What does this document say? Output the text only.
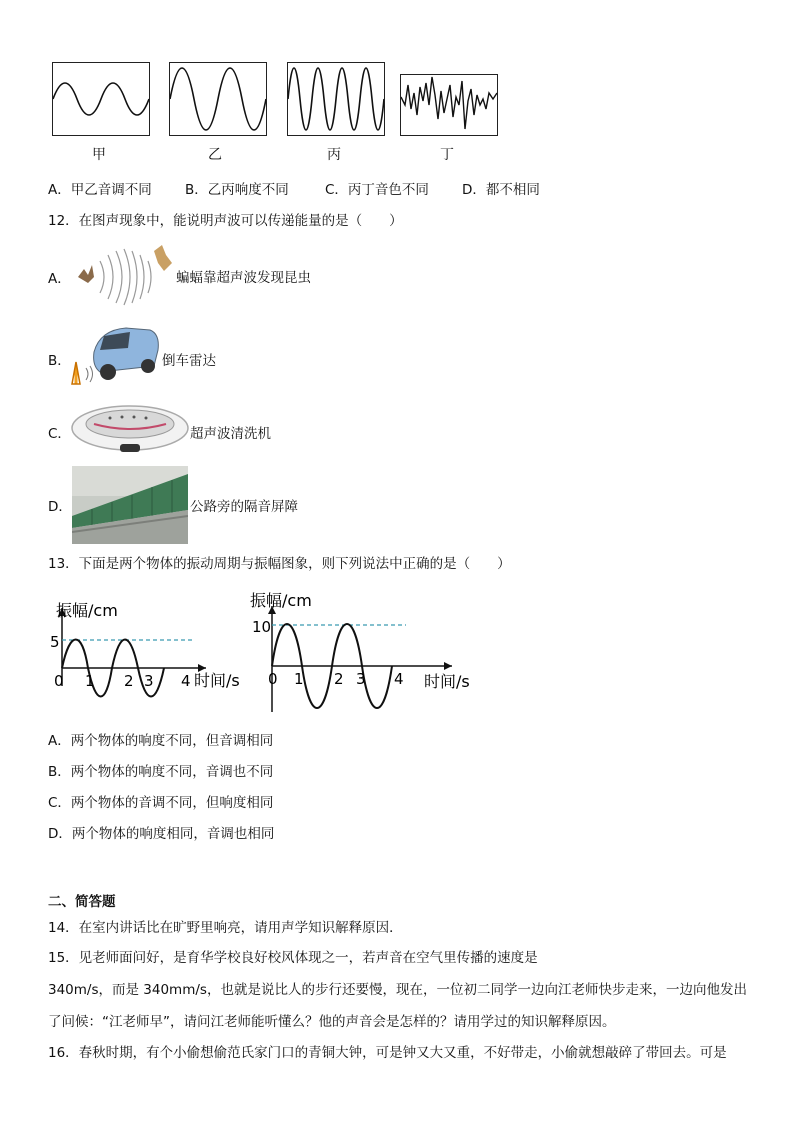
甲	乙	丙	丁
A．甲乙音调不同 B．乙丙响度不同	C．丙丁音色不同 D．都不相同
12．在图声现象中，能说明声波可以传递能量的是（　　）
A．	蝙蝠靠超声波发现昆虫
B．	倒车雷达
C．	超声波清洗机
D．	公路旁的隔音屏障
13．下面是两个物体的振动周期与振幅图象，则下列说法中正确的是（　　）
振幅/cm
5
0 1 2 3 4 时间/s
振幅/cm
10
0 1 2 3 4 时间/s
A．两个物体的响度不同，但音调相同
B．两个物体的响度不同，音调也不同
C．两个物体的音调不同，但响度相同
D．两个物体的响度相同，音调也相同
二、简答题
14．在室内讲话比在旷野里响亮，请用声学知识解释原因．
15．见老师面问好，是育华学校良好校风体现之一，若声音在空气里传播的速度是
340m/s，而是 340mm/s，也就是说比人的步行还要慢，现在，一位初二同学一边向江老师快步走来，一边向他发出
了问候：“江老师早”，请问江老师能听懂么？他的声音会是怎样的？请用学过的知识解释原因。
16．春秋时期，有个小偷想偷范氏家门口的青铜大钟，可是钟又大又重，不好带走，小偷就想敲碎了带回去。可是
